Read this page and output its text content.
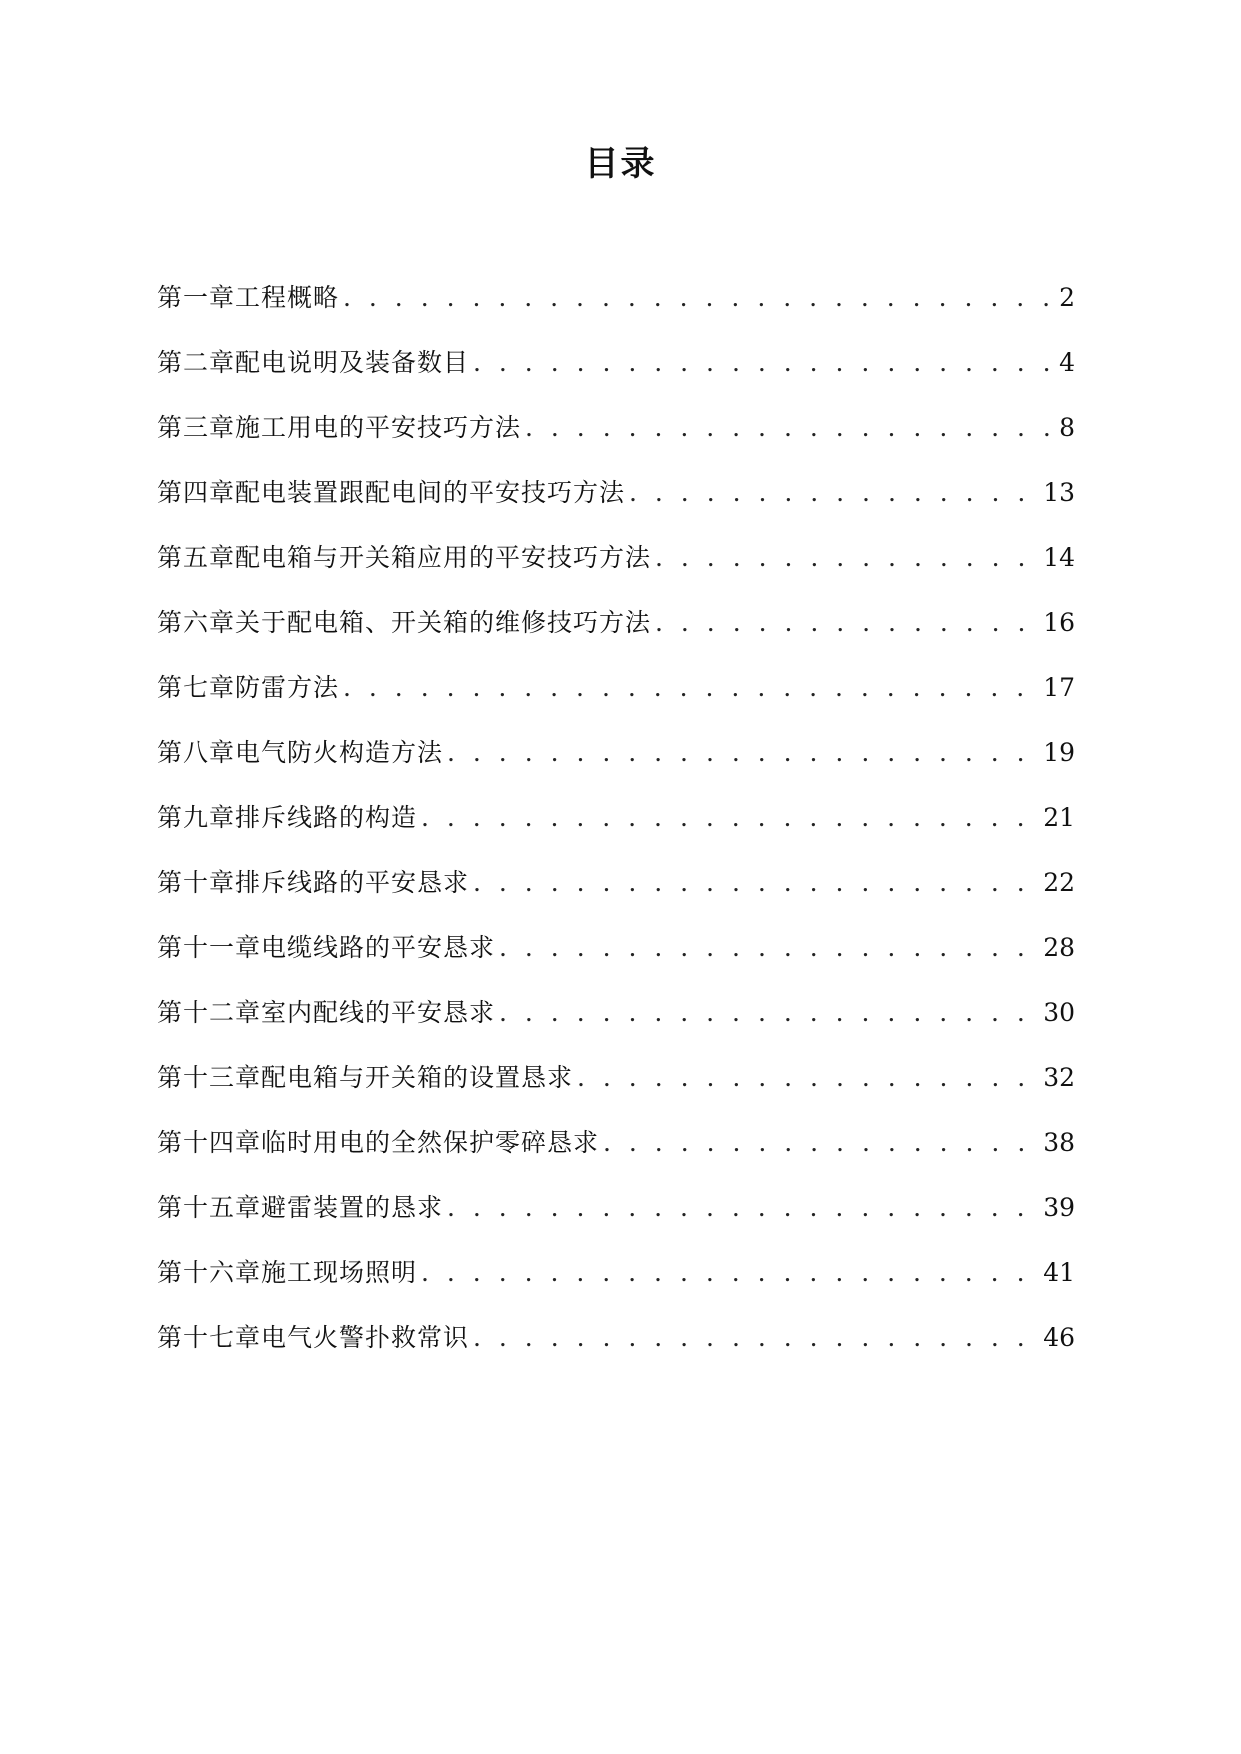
目录
第一章工程概略 . . .	2
第二章配电说明及装备数目 . . .	4
第三章施工用电的平安技巧方法 . . .	8
第四章配电装置跟配电间的平安技巧方法 . . .	13
第五章配电箱与开关箱应用的平安技巧方法 . . .	14
第六章关于配电箱、开关箱的维修技巧方法 . . .	16
第七章防雷方法 . . .	17
第八章电气防火构造方法 . . .	19
第九章排斥线路的构造 . . .	21
第十章排斥线路的平安恳求 . . .	22
第十一章电缆线路的平安恳求 . . .	28
第十二章室内配线的平安恳求 . . .	30
第十三章配电箱与开关箱的设置恳求 . . .	32
第十四章临时用电的全然保护零碎恳求 . . .	38
第十五章避雷装置的恳求 . . .	39
第十六章施工现场照明 . . .	41
第十七章电气火警扑救常识 . . .	46
